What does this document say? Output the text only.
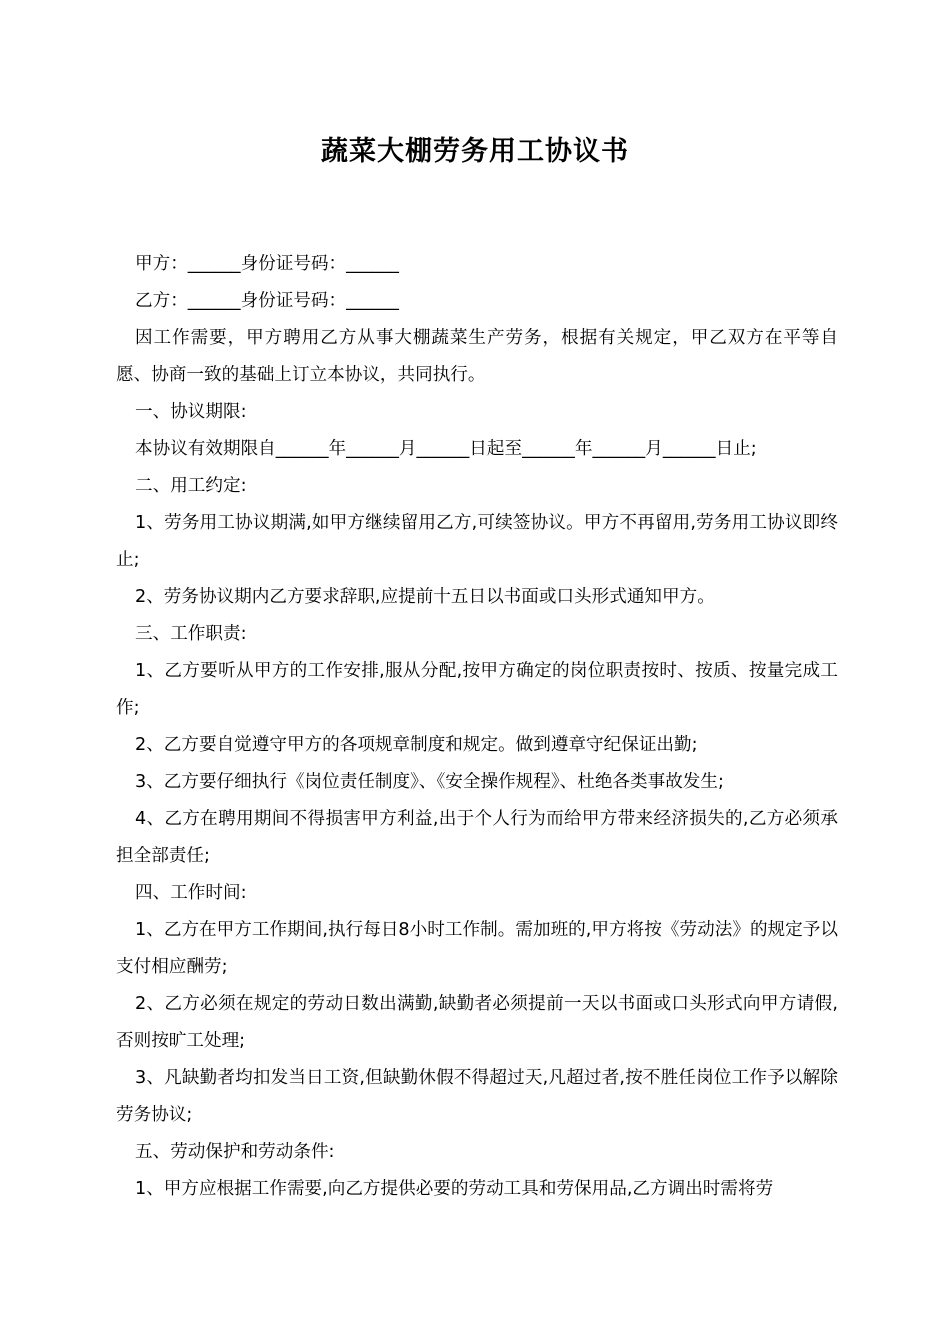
蔬菜大棚劳务用工协议书

甲方：______身份证号码：______

乙方：______身份证号码：______

因工作需要，甲方聘用乙方从事大棚蔬菜生产劳务，根据有关规定，甲乙双方在平等自愿、协商一致的基础上订立本协议，共同执行。

一、协议期限:

本协议有效期限自______年______月______日起至______年______月______日止;

二、用工约定:

1、劳务用工协议期满,如甲方继续留用乙方,可续签协议。甲方不再留用,劳务用工协议即终止;

2、劳务协议期内乙方要求辞职,应提前十五日以书面或口头形式通知甲方。

三、工作职责:

1、乙方要听从甲方的工作安排,服从分配,按甲方确定的岗位职责按时、按质、按量完成工作;

2、乙方要自觉遵守甲方的各项规章制度和规定。做到遵章守纪保证出勤;

3、乙方要仔细执行《岗位责任制度》、《安全操作规程》、杜绝各类事故发生;

4、乙方在聘用期间不得损害甲方利益,出于个人行为而给甲方带来经济损失的,乙方必须承担全部责任;

四、工作时间:

1、乙方在甲方工作期间,执行每日8小时工作制。需加班的,甲方将按《劳动法》的规定予以支付相应酬劳;

2、乙方必须在规定的劳动日数出满勤,缺勤者必须提前一天以书面或口头形式向甲方请假,否则按旷工处理;

3、凡缺勤者均扣发当日工资,但缺勤休假不得超过天,凡超过者,按不胜任岗位工作予以解除劳务协议;

五、劳动保护和劳动条件:

1、甲方应根据工作需要,向乙方提供必要的劳动工具和劳保用品,乙方调出时需将劳
